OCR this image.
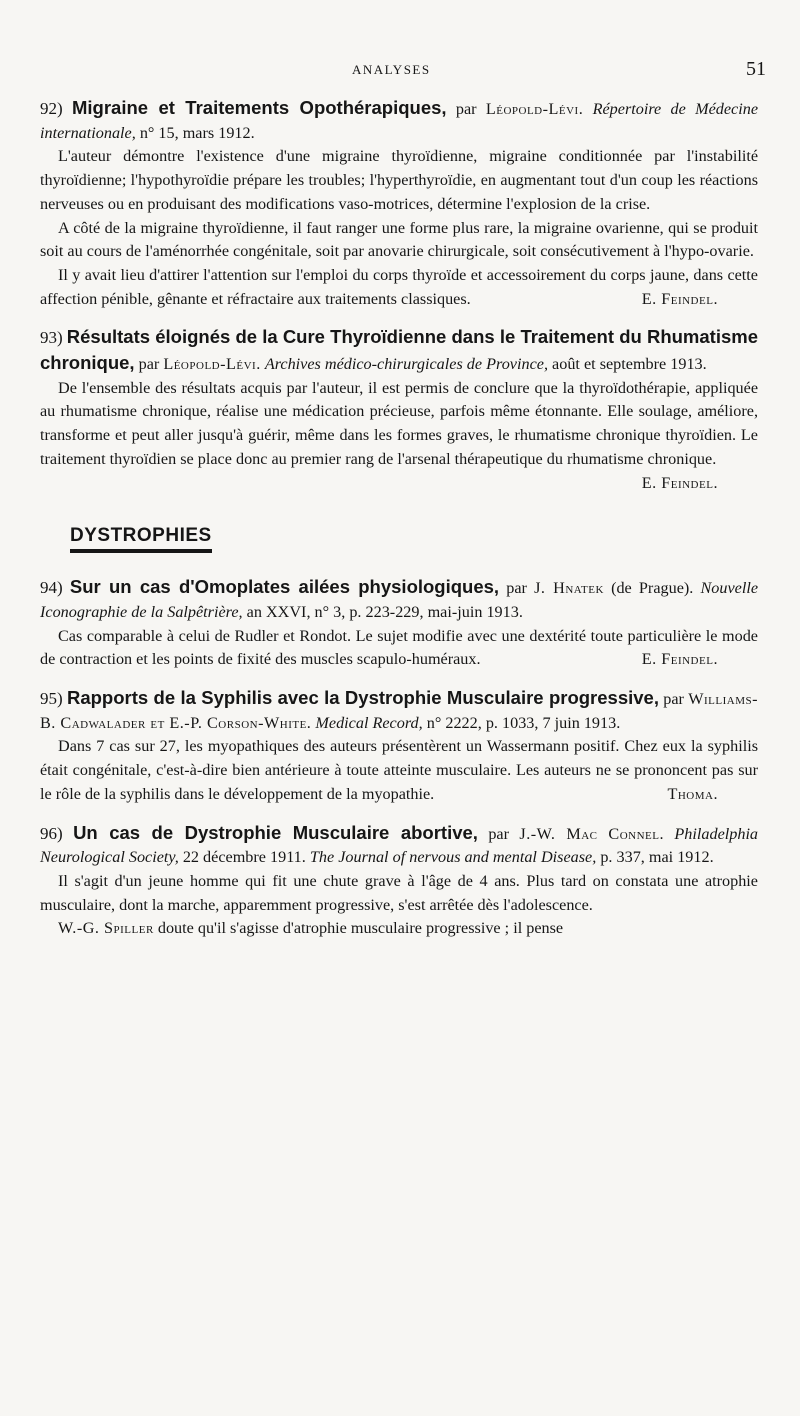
ANALYSES	51

92) Migraine et Traitements Opothérapiques, par Léopold-Lévi. Répertoire de Médecine internationale, n° 15, mars 1912.

L'auteur démontre l'existence d'une migraine thyroïdienne, migraine conditionnée par l'instabilité thyroïdienne; l'hypothyroïdie prépare les troubles; l'hyperthyroïdie, en augmentant tout d'un coup les réactions nerveuses ou en produisant des modifications vaso-motrices, détermine l'explosion de la crise.

A côté de la migraine thyroïdienne, il faut ranger une forme plus rare, la migraine ovarienne, qui se produit soit au cours de l'aménorrhée congénitale, soit par anovarie chirurgicale, soit consécutivement à l'hypo-ovarie.

Il y avait lieu d'attirer l'attention sur l'emploi du corps thyroïde et accessoirement du corps jaune, dans cette affection pénible, gênante et réfractaire aux traitements classiques.	E. Feindel.

93) Résultats éloignés de la Cure Thyroïdienne dans le Traitement du Rhumatisme chronique, par Léopold-Lévi. Archives médico-chirurgicales de Province, août et septembre 1913.

De l'ensemble des résultats acquis par l'auteur, il est permis de conclure que la thyroïdothérapie, appliquée au rhumatisme chronique, réalise une médication précieuse, parfois même étonnante. Elle soulage, améliore, transforme et peut aller jusqu'à guérir, même dans les formes graves, le rhumatisme chronique thyroïdien. Le traitement thyroïdien se place donc au premier rang de l'arsenal thérapeutique du rhumatisme chronique.
E. Feindel.

DYSTROPHIES

94) Sur un cas d'Omoplates ailées physiologiques, par J. Hnatek (de Prague). Nouvelle Iconographie de la Salpêtrière, an XXVI, n° 3, p. 223-229, mai-juin 1913.

Cas comparable à celui de Rudler et Rondot. Le sujet modifie avec une dextérité toute particulière le mode de contraction et les points de fixité des muscles scapulo-huméraux.	E. Feindel.

95) Rapports de la Syphilis avec la Dystrophie Musculaire progressive, par Williams-B. Cadwalader et E.-P. Corson-White. Medical Record, n° 2222, p. 1033, 7 juin 1913.

Dans 7 cas sur 27, les myopathiques des auteurs présentèrent un Wassermann positif. Chez eux la syphilis était congénitale, c'est-à-dire bien antérieure à toute atteinte musculaire. Les auteurs ne se prononcent pas sur le rôle de la syphilis dans le développement de la myopathie.	Thoma.

96) Un cas de Dystrophie Musculaire abortive, par J.-W. Mac Connel. Philadelphia Neurological Society, 22 décembre 1911. The Journal of nervous and mental Disease, p. 337, mai 1912.

Il s'agit d'un jeune homme qui fit une chute grave à l'âge de 4 ans. Plus tard on constata une atrophie musculaire, dont la marche, apparemment progressive, s'est arrêtée dès l'adolescence.

W.-G. Spiller doute qu'il s'agisse d'atrophie musculaire progressive ; il pense
